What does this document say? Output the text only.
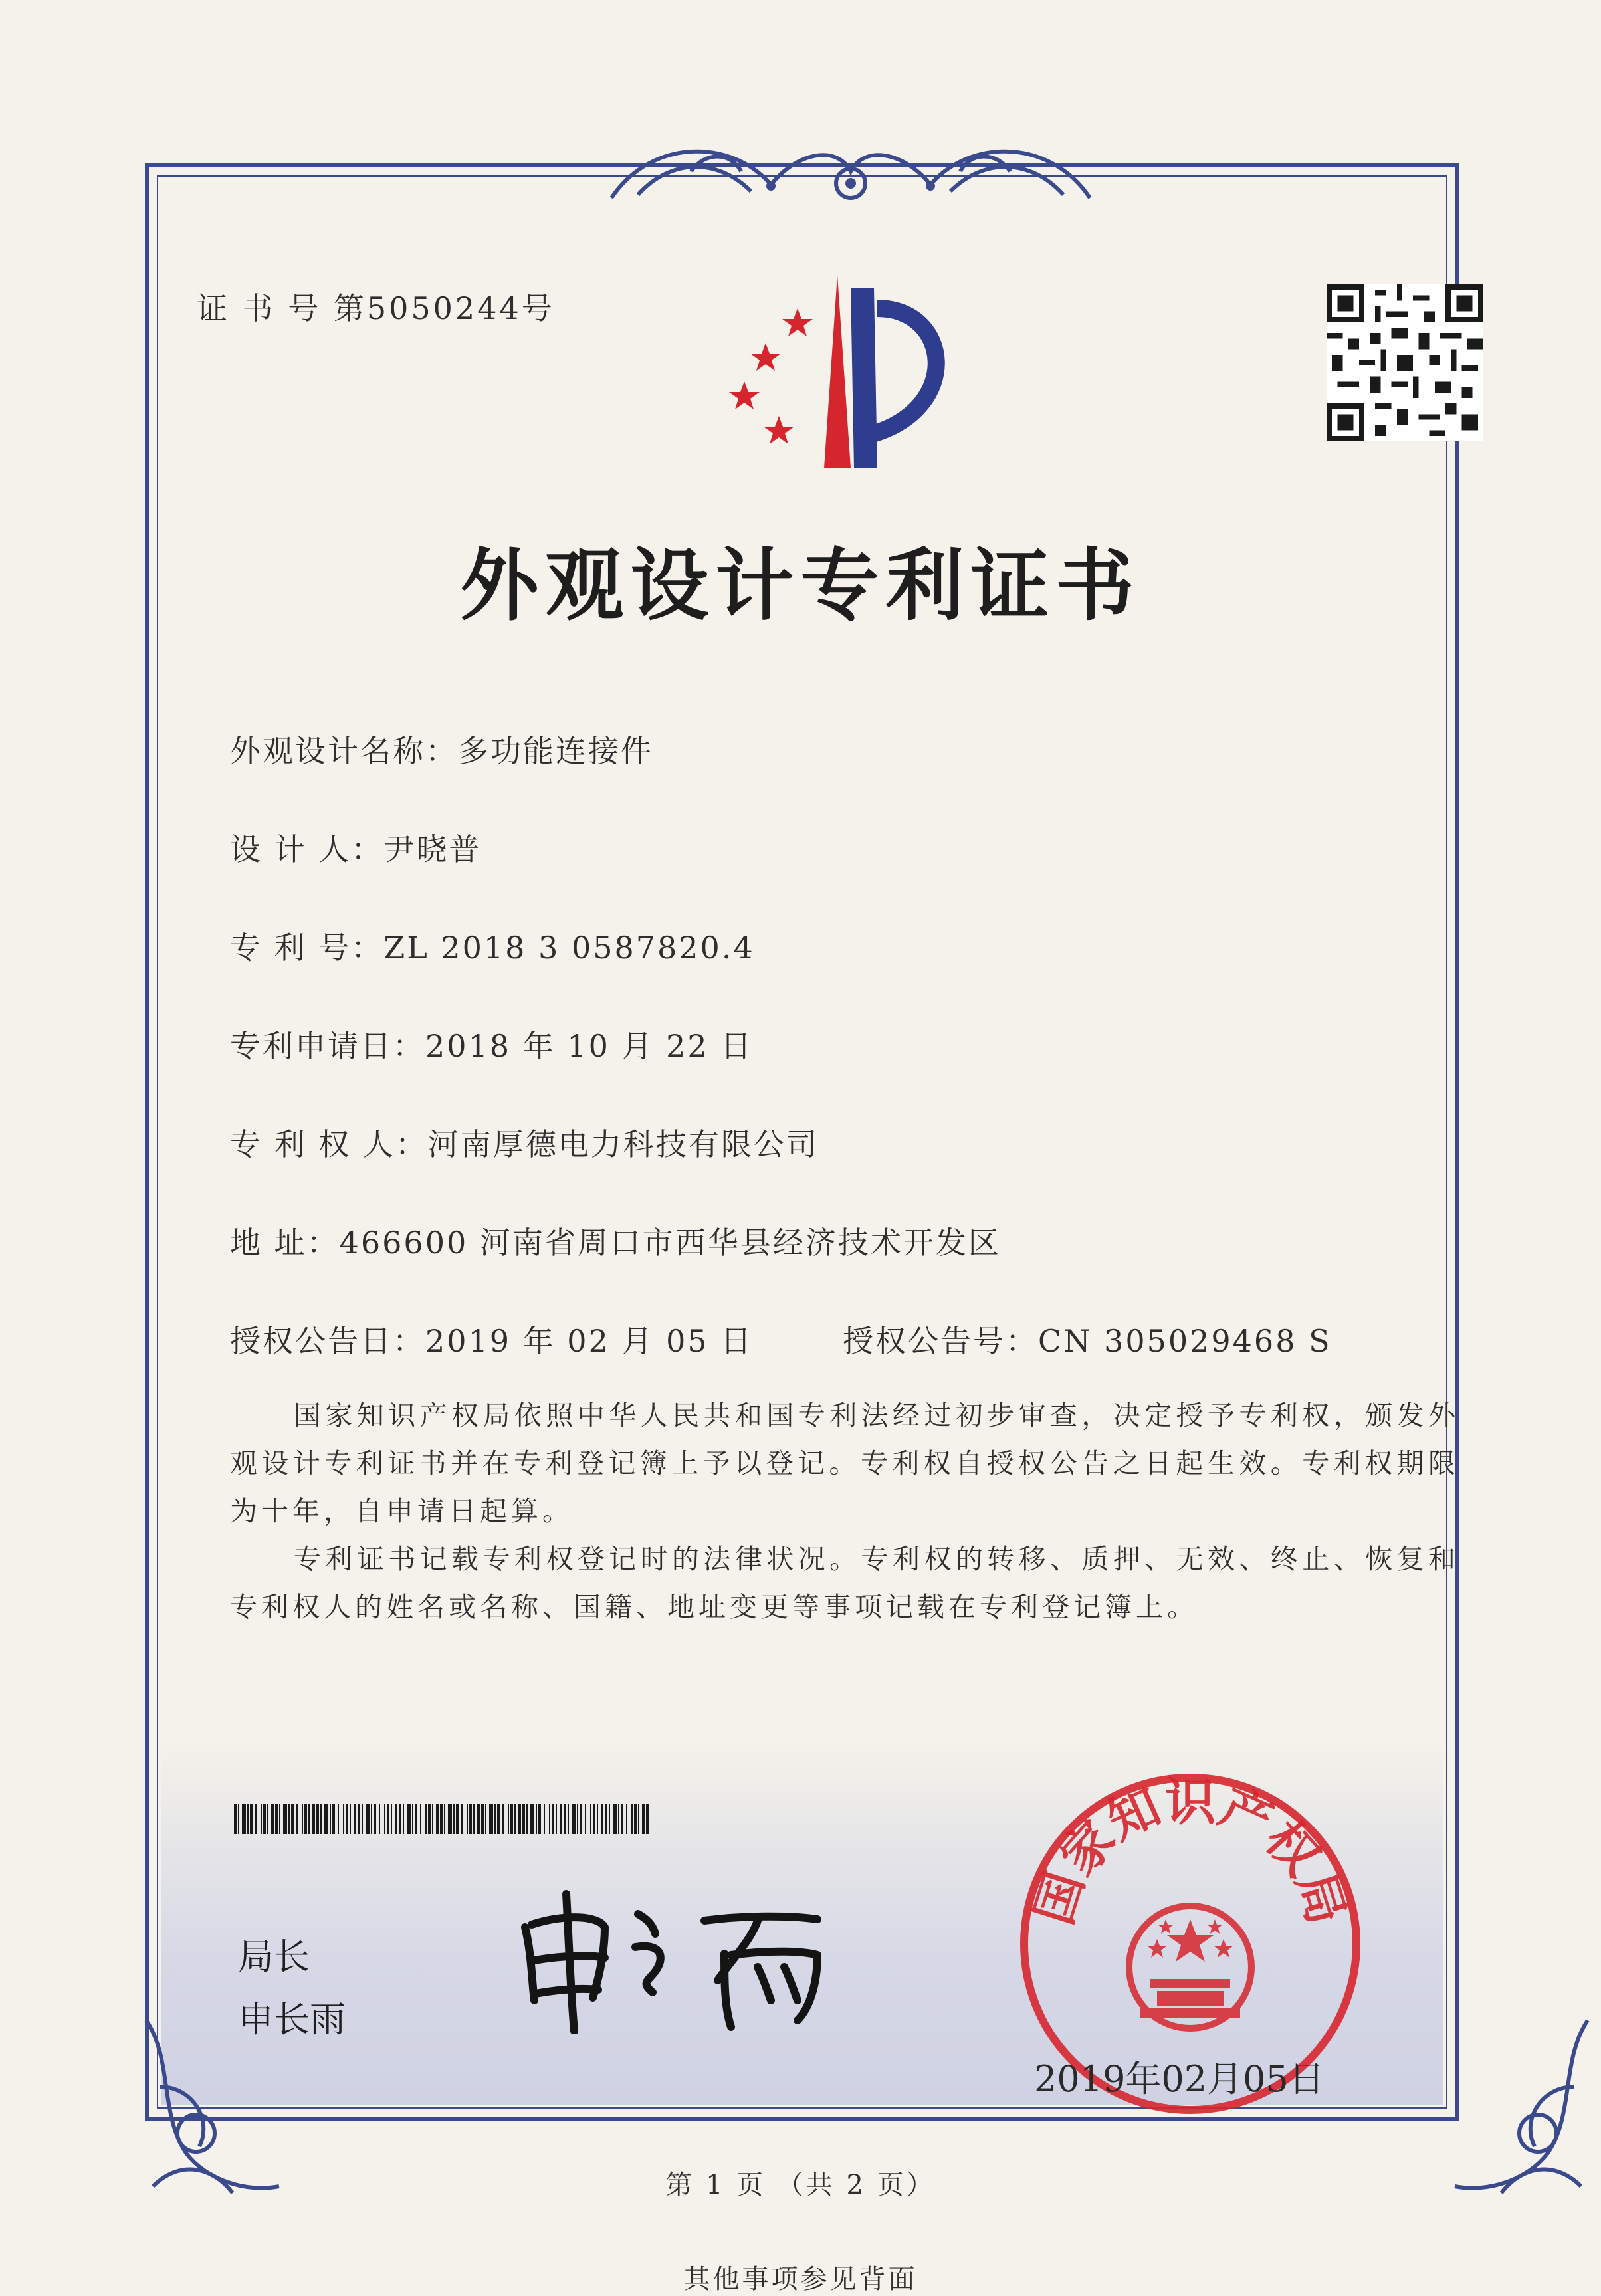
证 书 号 第5050244号
外观设计专利证书
外观设计名称：多功能连接件
设 计 人：尹晓普
专 利 号：ZL 2018 3 0587820.4
专利申请日：2018 年 10 月 22 日
专 利 权 人：河南厚德电力科技有限公司
地 址：466600 河南省周口市西华县经济技术开发区
授权公告日：2019 年 02 月 05 日	授权公告号：CN 305029468 S
国家知识产权局依照中华人民共和国专利法经过初步审查，决定授予专利权，颁发外观设计专利证书并在专利登记簿上予以登记。专利权自授权公告之日起生效。专利权期限为十年，自申请日起算。
专利证书记载专利权登记时的法律状况。专利权的转移、质押、无效、终止、恢复和专利权人的姓名或名称、国籍、地址变更等事项记载在专利登记簿上。
局长
申长雨
国家知识产权局
2019年02月05日
第 1 页 （共 2 页）
其他事项参见背面
